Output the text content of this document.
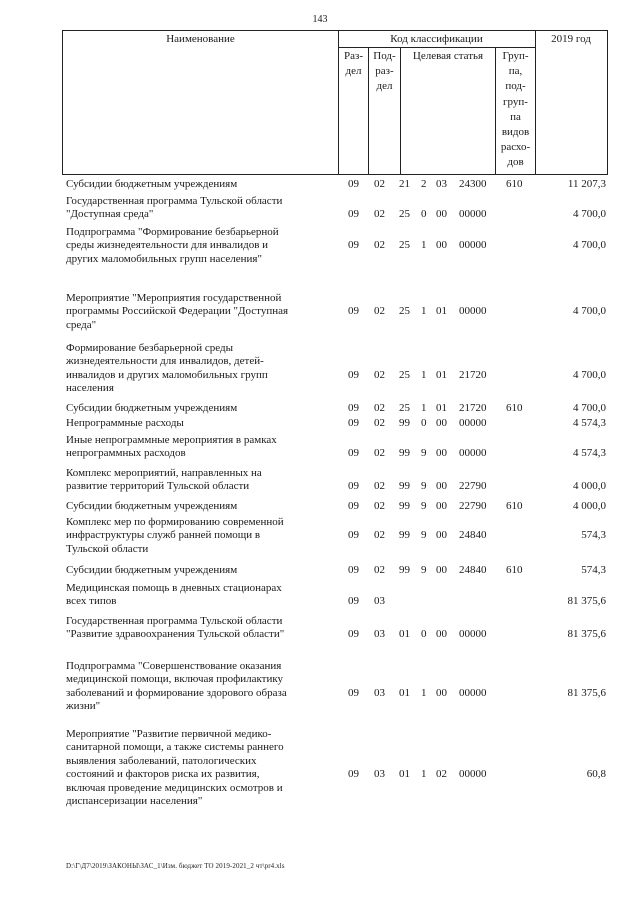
143
Наименование	Код классификации	2019 год
Раз-
дел
Под-
раз-
дел
Целевая статья	Груп-
па,
под-
груп-
па
видов
расхо-
дов
Субсидии бюджетным учреждениям	09 02 21 2 03 24300 610	11 207,3
Государственная программа Тульской области
"Доступная среда"	09 02 25 0 00 00000	4 700,0
Подпрограмма "Формирование безбарьерной
среды жизнедеятельности для инвалидов и
других маломобильных групп населения"
09 02 25 1 00 00000	4 700,0
Мероприятие "Мероприятия государственной
программы Российской Федерации "Доступная
среда"
09 02 25 1 01 00000	4 700,0
Формирование безбарьерной среды
жизнедеятельности для инвалидов, детей-
инвалидов и других маломобильных групп
населения
09 02 25 1 01 21720	4 700,0
Субсидии бюджетным учреждениям	09 02 25 1 01 21720 610	4 700,0
Непрограммные расходы	09 02 99 0 00 00000	4 574,3
Иные непрограммные мероприятия в рамках
непрограммных расходов	09 02 99 9 00 00000	4 574,3
Комплекс мероприятий, направленных на
развитие территорий Тульской области	09 02 99 9 00 22790	4 000,0
Субсидии бюджетным учреждениям	09 02 99 9 00 22790 610	4 000,0
Комплекс мер по формированию современной
инфраструктуры служб ранней помощи в
Тульской области
09 02 99 9 00 24840	574,3
Субсидии бюджетным учреждениям	09 02 99 9 00 24840 610	574,3
Медицинская помощь в дневных стационарах
всех типов	09 03	81 375,6
Государственная программа Тульской области
"Развитие здравоохранения Тульской области"	09 03 01 0 00 00000	81 375,6
Подпрограмма "Совершенствование оказания
медицинской помощи, включая профилактику
заболеваний и формирование здорового образа
жизни"
09 03 01 1 00 00000	81 375,6
Мероприятие "Развитие первичной медико-
санитарной помощи, а также системы раннего
выявления заболеваний, патологических
состояний и факторов риска их развития,
включая проведение медицинских осмотров и
диспансеризации населения"
09 03 01 1 02 00000	60,8
D:\Г\Д7\2019\ЗАКОНЫ\ЗАС_1\Изм. бюджет ТО 2019-2021_2 чт\pr4.xls
